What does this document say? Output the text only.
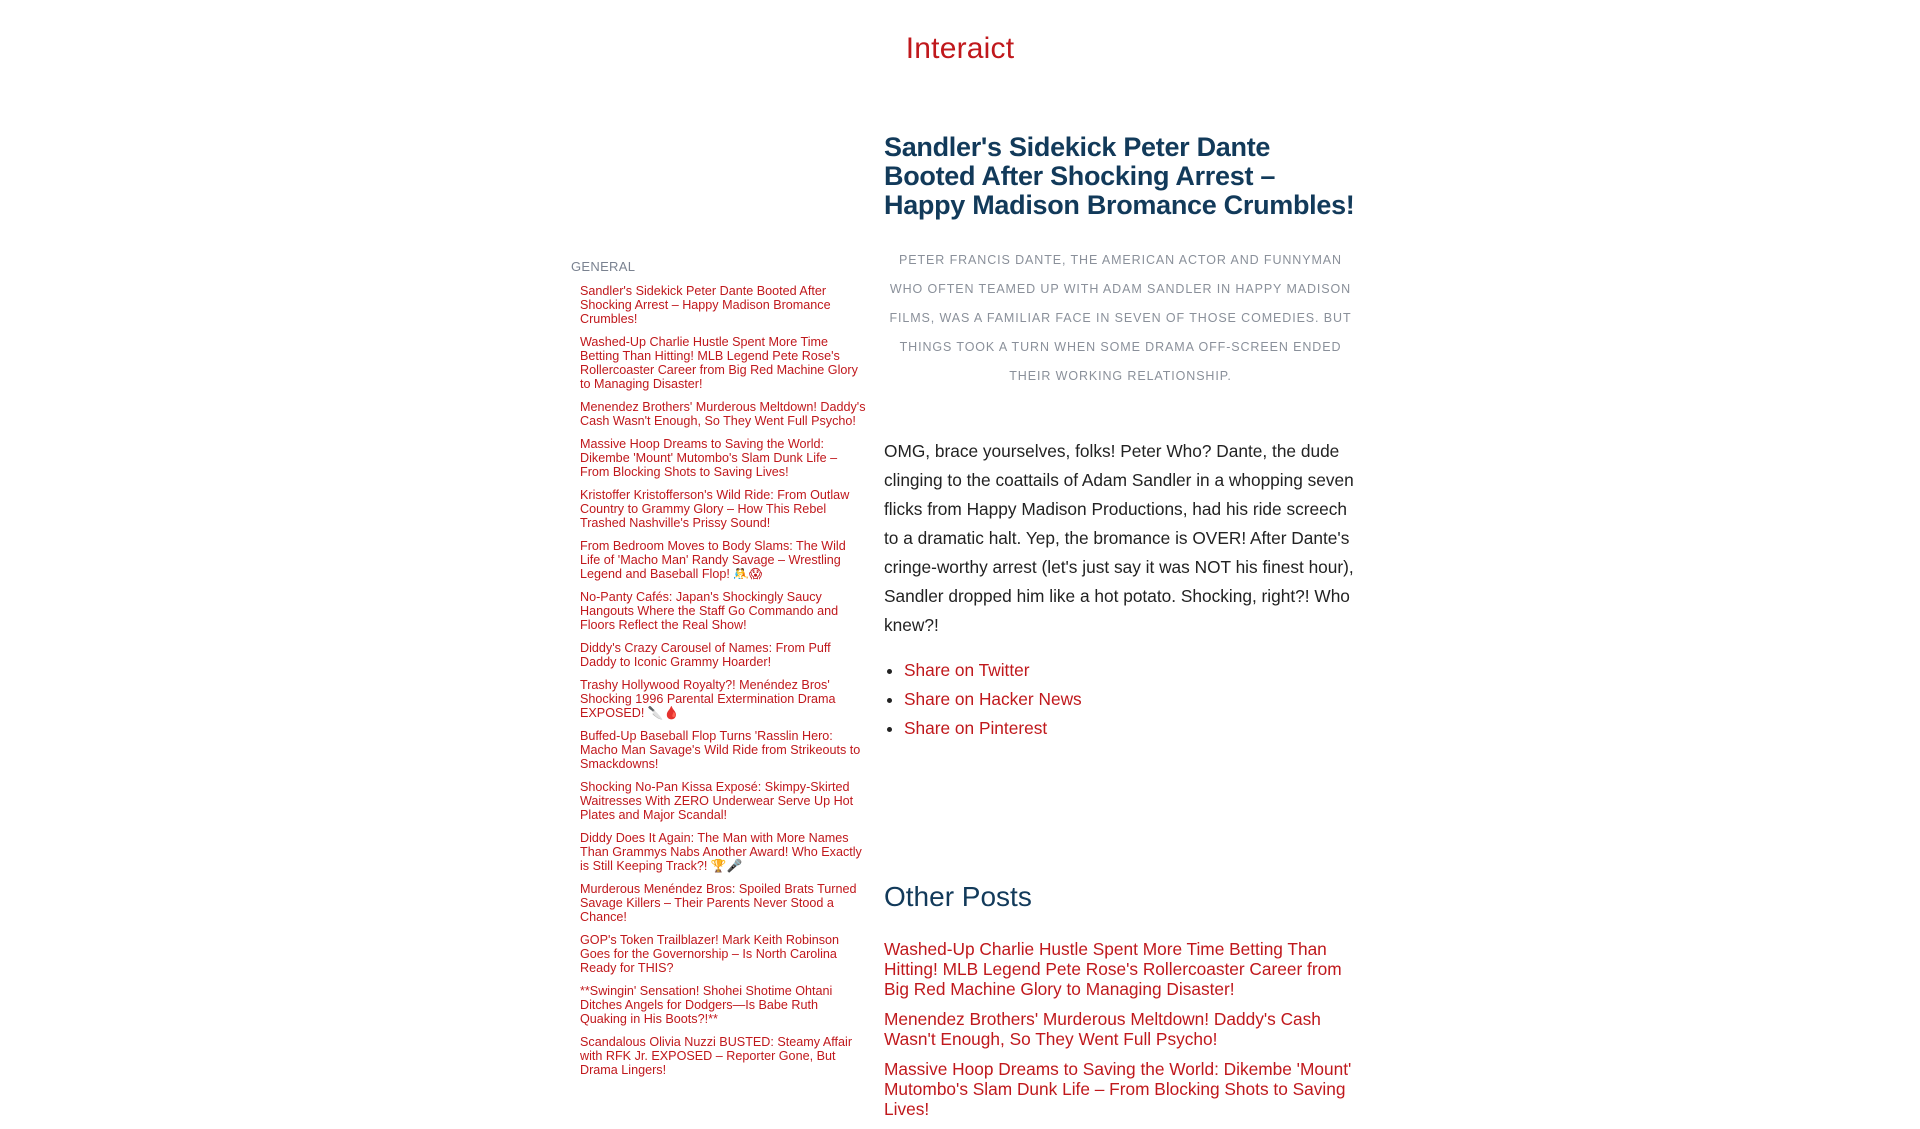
Interaict
GENERAL
Sandler's Sidekick Peter Dante Booted After Shocking Arrest – Happy Madison Bromance Crumbles!
Washed-Up Charlie Hustle Spent More Time Betting Than Hitting! MLB Legend Pete Rose's Rollercoaster Career from Big Red Machine Glory to Managing Disaster!
Menendez Brothers' Murderous Meltdown! Daddy's Cash Wasn't Enough, So They Went Full Psycho!
Massive Hoop Dreams to Saving the World: Dikembe 'Mount' Mutombo's Slam Dunk Life – From Blocking Shots to Saving Lives!
Kristoffer Kristofferson's Wild Ride: From Outlaw Country to Grammy Glory – How This Rebel Trashed Nashville's Prissy Sound!
From Bedroom Moves to Body Slams: The Wild Life of 'Macho Man' Randy Savage – Wrestling Legend and Baseball Flop! 🤼😱
No-Panty Cafés: Japan's Shockingly Saucy Hangouts Where the Staff Go Commando and Floors Reflect the Real Show!
Diddy's Crazy Carousel of Names: From Puff Daddy to Iconic Grammy Hoarder!
Trashy Hollywood Royalty?! Menéndez Bros' Shocking 1996 Parental Extermination Drama EXPOSED! 🔪🩸
Buffed-Up Baseball Flop Turns 'Rasslin Hero: Macho Man Savage's Wild Ride from Strikeouts to Smackdowns!
Shocking No-Pan Kissa Exposé: Skimpy-Skirted Waitresses With ZERO Underwear Serve Up Hot Plates and Major Scandal!
Diddy Does It Again: The Man with More Names Than Grammys Nabs Another Award! Who Exactly is Still Keeping Track?! 🏆🎤
Murderous Menéndez Bros: Spoiled Brats Turned Savage Killers – Their Parents Never Stood a Chance!
GOP's Token Trailblazer! Mark Keith Robinson Goes for the Governorship – Is North Carolina Ready for THIS?
**Swingin' Sensation! Shohei Shotime Ohtani Ditches Angels for Dodgers—Is Babe Ruth Quaking in His Boots?!**
Scandalous Olivia Nuzzi BUSTED: Steamy Affair with RFK Jr. EXPOSED – Reporter Gone, But Drama Lingers!
Sandler's Sidekick Peter Dante Booted After Shocking Arrest – Happy Madison Bromance Crumbles!

PETER FRANCIS DANTE, THE AMERICAN ACTOR AND FUNNYMAN WHO OFTEN TEAMED UP WITH ADAM SANDLER IN HAPPY MADISON FILMS, WAS A FAMILIAR FACE IN SEVEN OF THOSE COMEDIES. BUT THINGS TOOK A TURN WHEN SOME DRAMA OFF-SCREEN ENDED THEIR WORKING RELATIONSHIP.

OMG, brace yourselves, folks! Peter Who? Dante, the dude clinging to the coattails of Adam Sandler in a whopping seven flicks from Happy Madison Productions, had his ride screech to a dramatic halt. Yep, the bromance is OVER! After Dante's cringe-worthy arrest (let's just say it was NOT his finest hour), Sandler dropped him like a hot potato. Shocking, right?! Who knew?!

• Share on Twitter
• Share on Hacker News
• Share on Pinterest
Other Posts
Washed-Up Charlie Hustle Spent More Time Betting Than Hitting! MLB Legend Pete Rose's Rollercoaster Career from Big Red Machine Glory to Managing Disaster!
Menendez Brothers' Murderous Meltdown! Daddy's Cash Wasn't Enough, So They Went Full Psycho!
Massive Hoop Dreams to Saving the World: Dikembe 'Mount' Mutombo's Slam Dunk Life – From Blocking Shots to Saving Lives!
